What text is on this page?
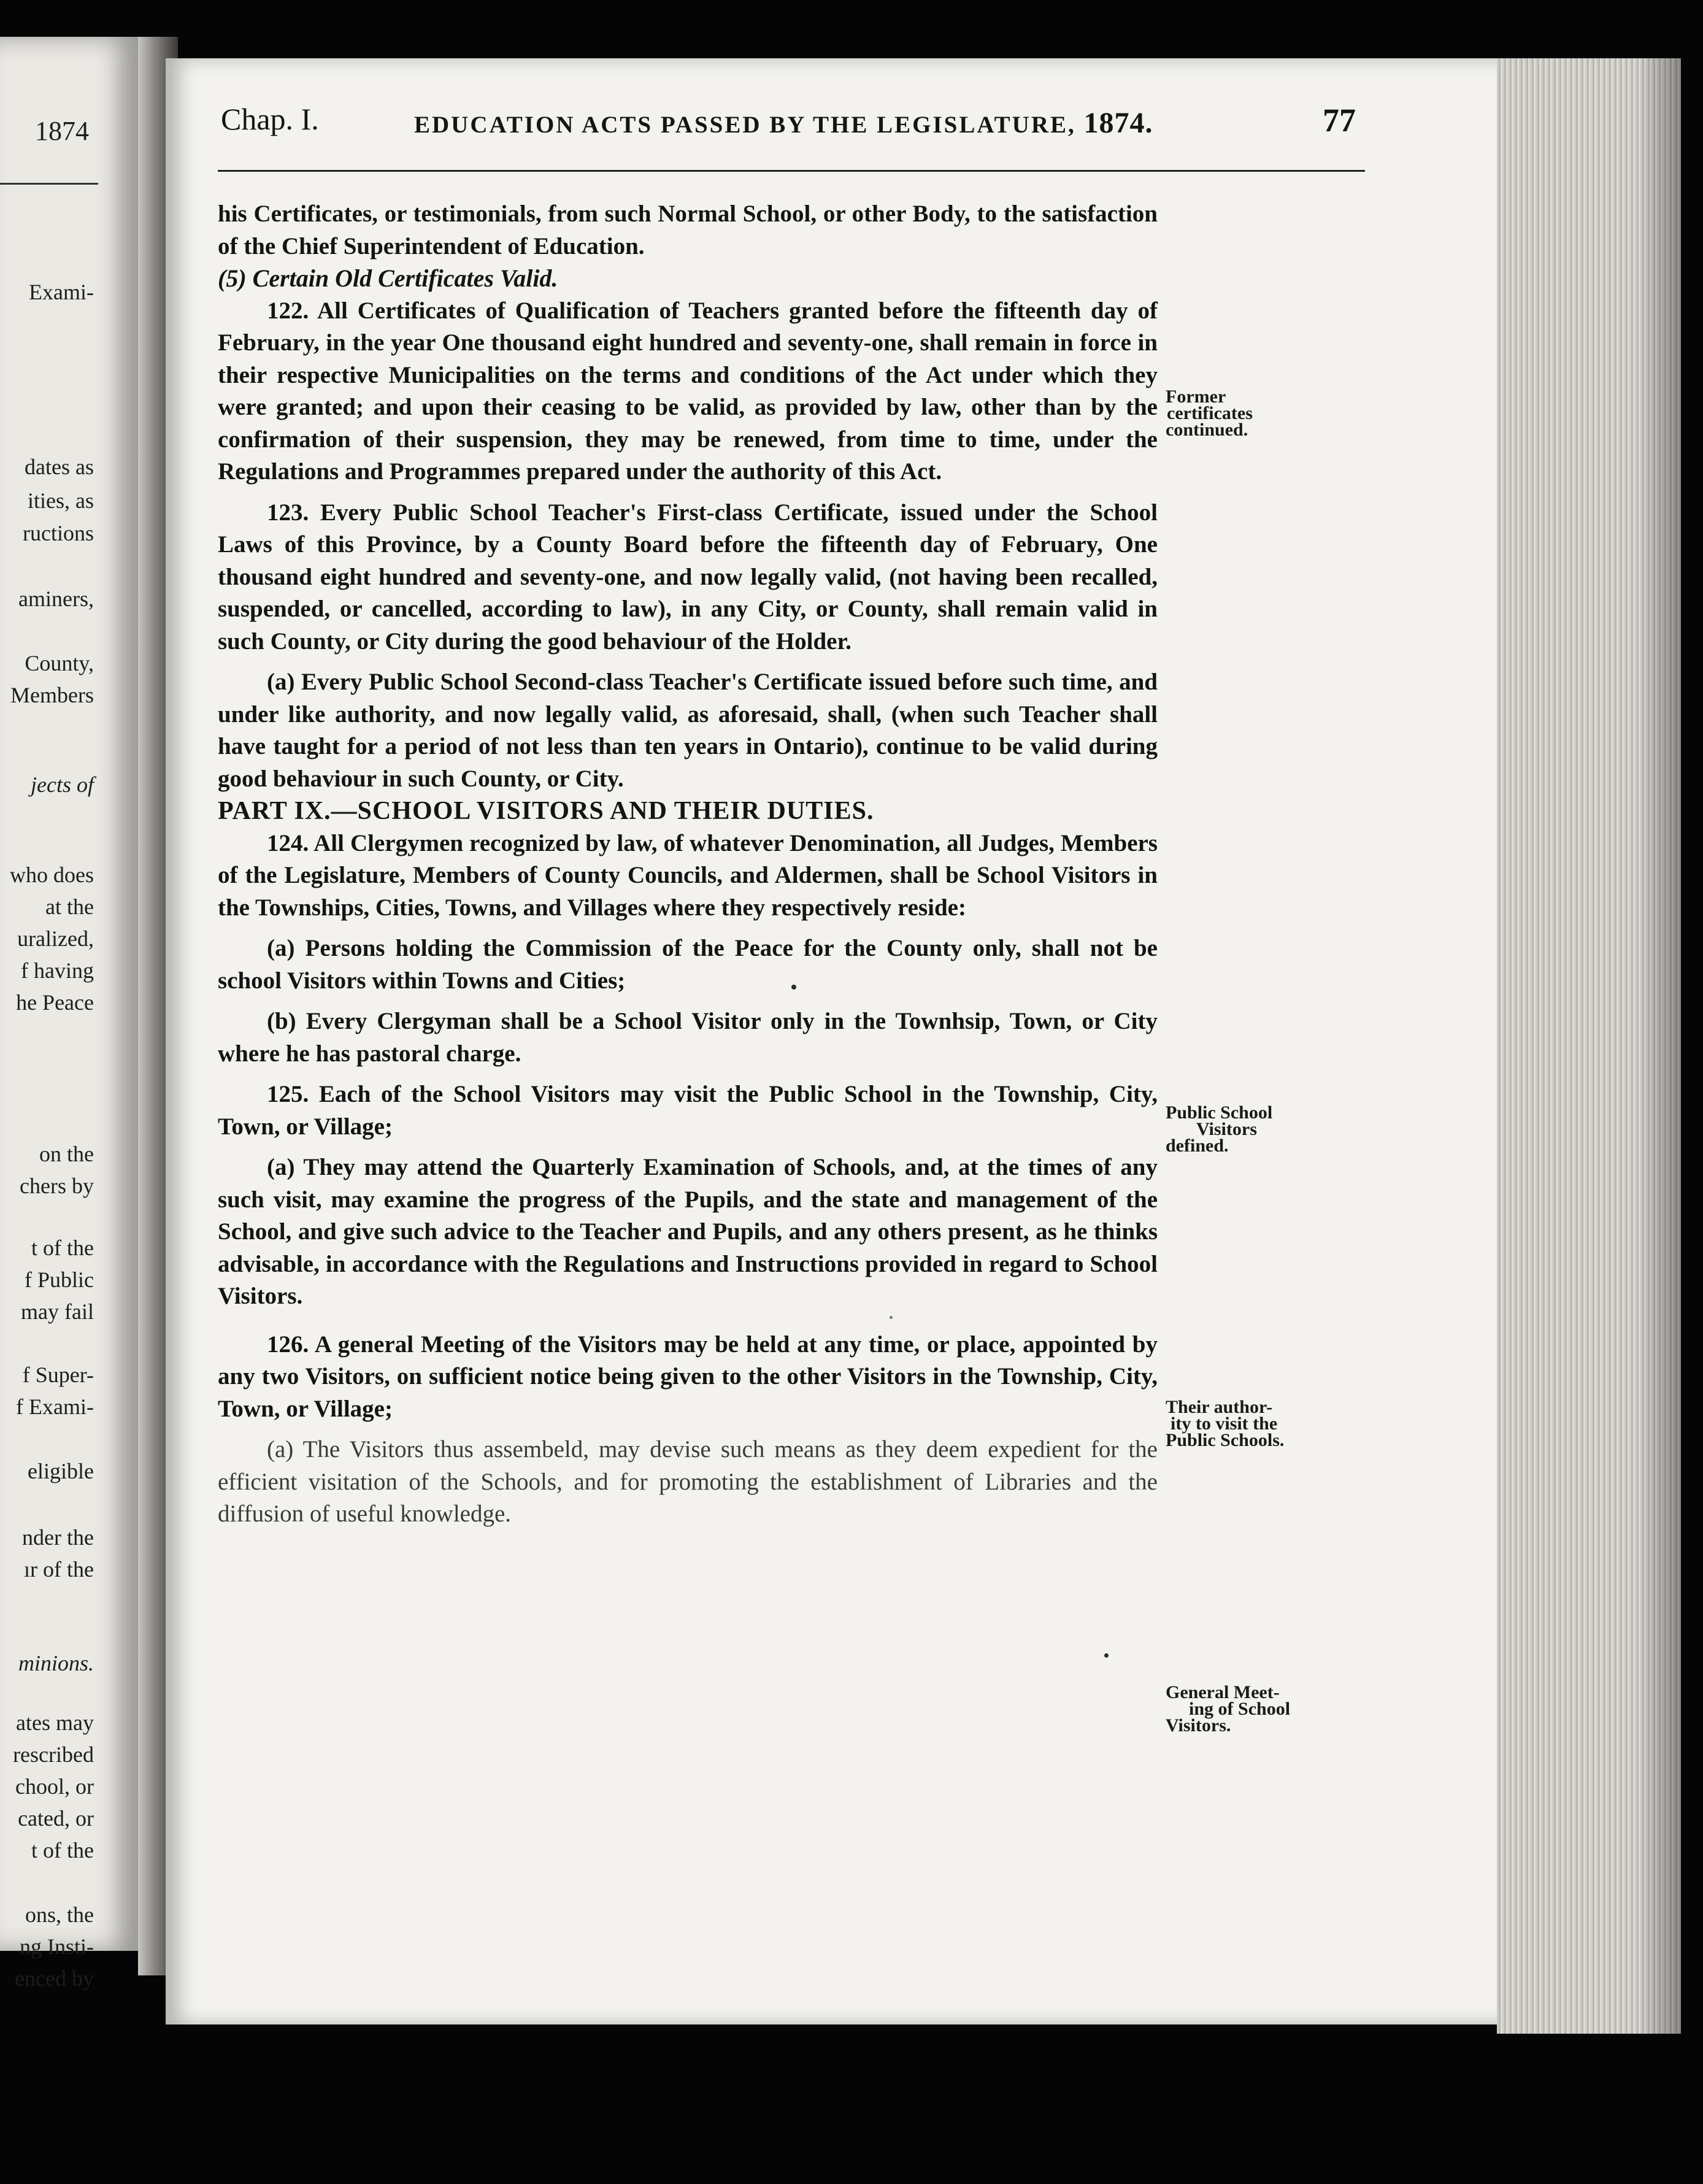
1874
Exami-
dates as
ities, as
ructions
aminers,
County,
Members
jects of
who does
at the
uralized,
f having
he Peace
on the
chers by
t of the
f Public
may fail
f Super-
f Exami-
eligible
nder the
ır of the
minions.
ates may
rescribed
chool, or
cated, or
t of the
ons, the
ng Insti-
enced by
Chap. I.	EDUCATION ACTS PASSED BY THE LEGISLATURE, 1874.	77

his Certificates, or testimonials, from such Normal School, or other Body, to the satisfaction of the Chief Superintendent of Education.

(5) Certain Old Certificates Valid.

122. All Certificates of Qualification of Teachers granted before the fifteenth day of February, in the year One thousand eight hundred and seventy-one, shall remain in force in their respective Municipalities on the terms and conditions of the Act under which they were granted; and upon their ceasing to be valid, as provided by law, other than by the confirmation of their suspension, they may be renewed, from time to time, under the Regulations and Programmes prepared under the authority of this Act.

123. Every Public School Teacher's First-class Certificate, issued under the School Laws of this Province, by a County Board before the fifteenth day of February, One thousand eight hundred and seventy-one, and now legally valid, (not having been recalled, suspended, or cancelled, according to law), in any City, or County, shall remain valid in such County, or City during the good behaviour of the Holder.

(a) Every Public School Second-class Teacher's Certificate issued before such time, and under like authority, and now legally valid, as aforesaid, shall, (when such Teacher shall have taught for a period of not less than ten years in Ontario), continue to be valid during good behaviour in such County, or City.

PART IX.—SCHOOL VISITORS AND THEIR DUTIES.

124. All Clergymen recognized by law, of whatever Denomination, all Judges, Members of the Legislature, Members of County Councils, and Aldermen, shall be School Visitors in the Townships, Cities, Towns, and Villages where they respectively reside:

(a) Persons holding the Commission of the Peace for the County only, shall not be school Visitors within Towns and Cities;

(b) Every Clergyman shall be a School Visitor only in the Townhsip, Town, or City where he has pastoral charge.

125. Each of the School Visitors may visit the Public School in the Township, City, Town, or Village;

(a) They may attend the Quarterly Examination of Schools, and, at the times of any such visit, may examine the progress of the Pupils, and the state and management of the School, and give such advice to the Teacher and Pupils, and any others present, as he thinks advisable, in accordance with the Regulations and Instructions provided in regard to School Visitors.

126. A general Meeting of the Visitors may be held at any time, or place, appointed by any two Visitors, on sufficient notice being given to the other Visitors in the Township, City, Town, or Village;

(a) The Visitors thus assembeld, may devise such means as they deem expedient for the efficient visitation of the Schools, and for promoting the establishment of Libraries and the diffusion of useful knowledge.

Former
certificates
continued.
Public School
Visitors
defined.
Their author-
ity to visit the
Public Schools.
General Meet-
ing of School
Visitors.
